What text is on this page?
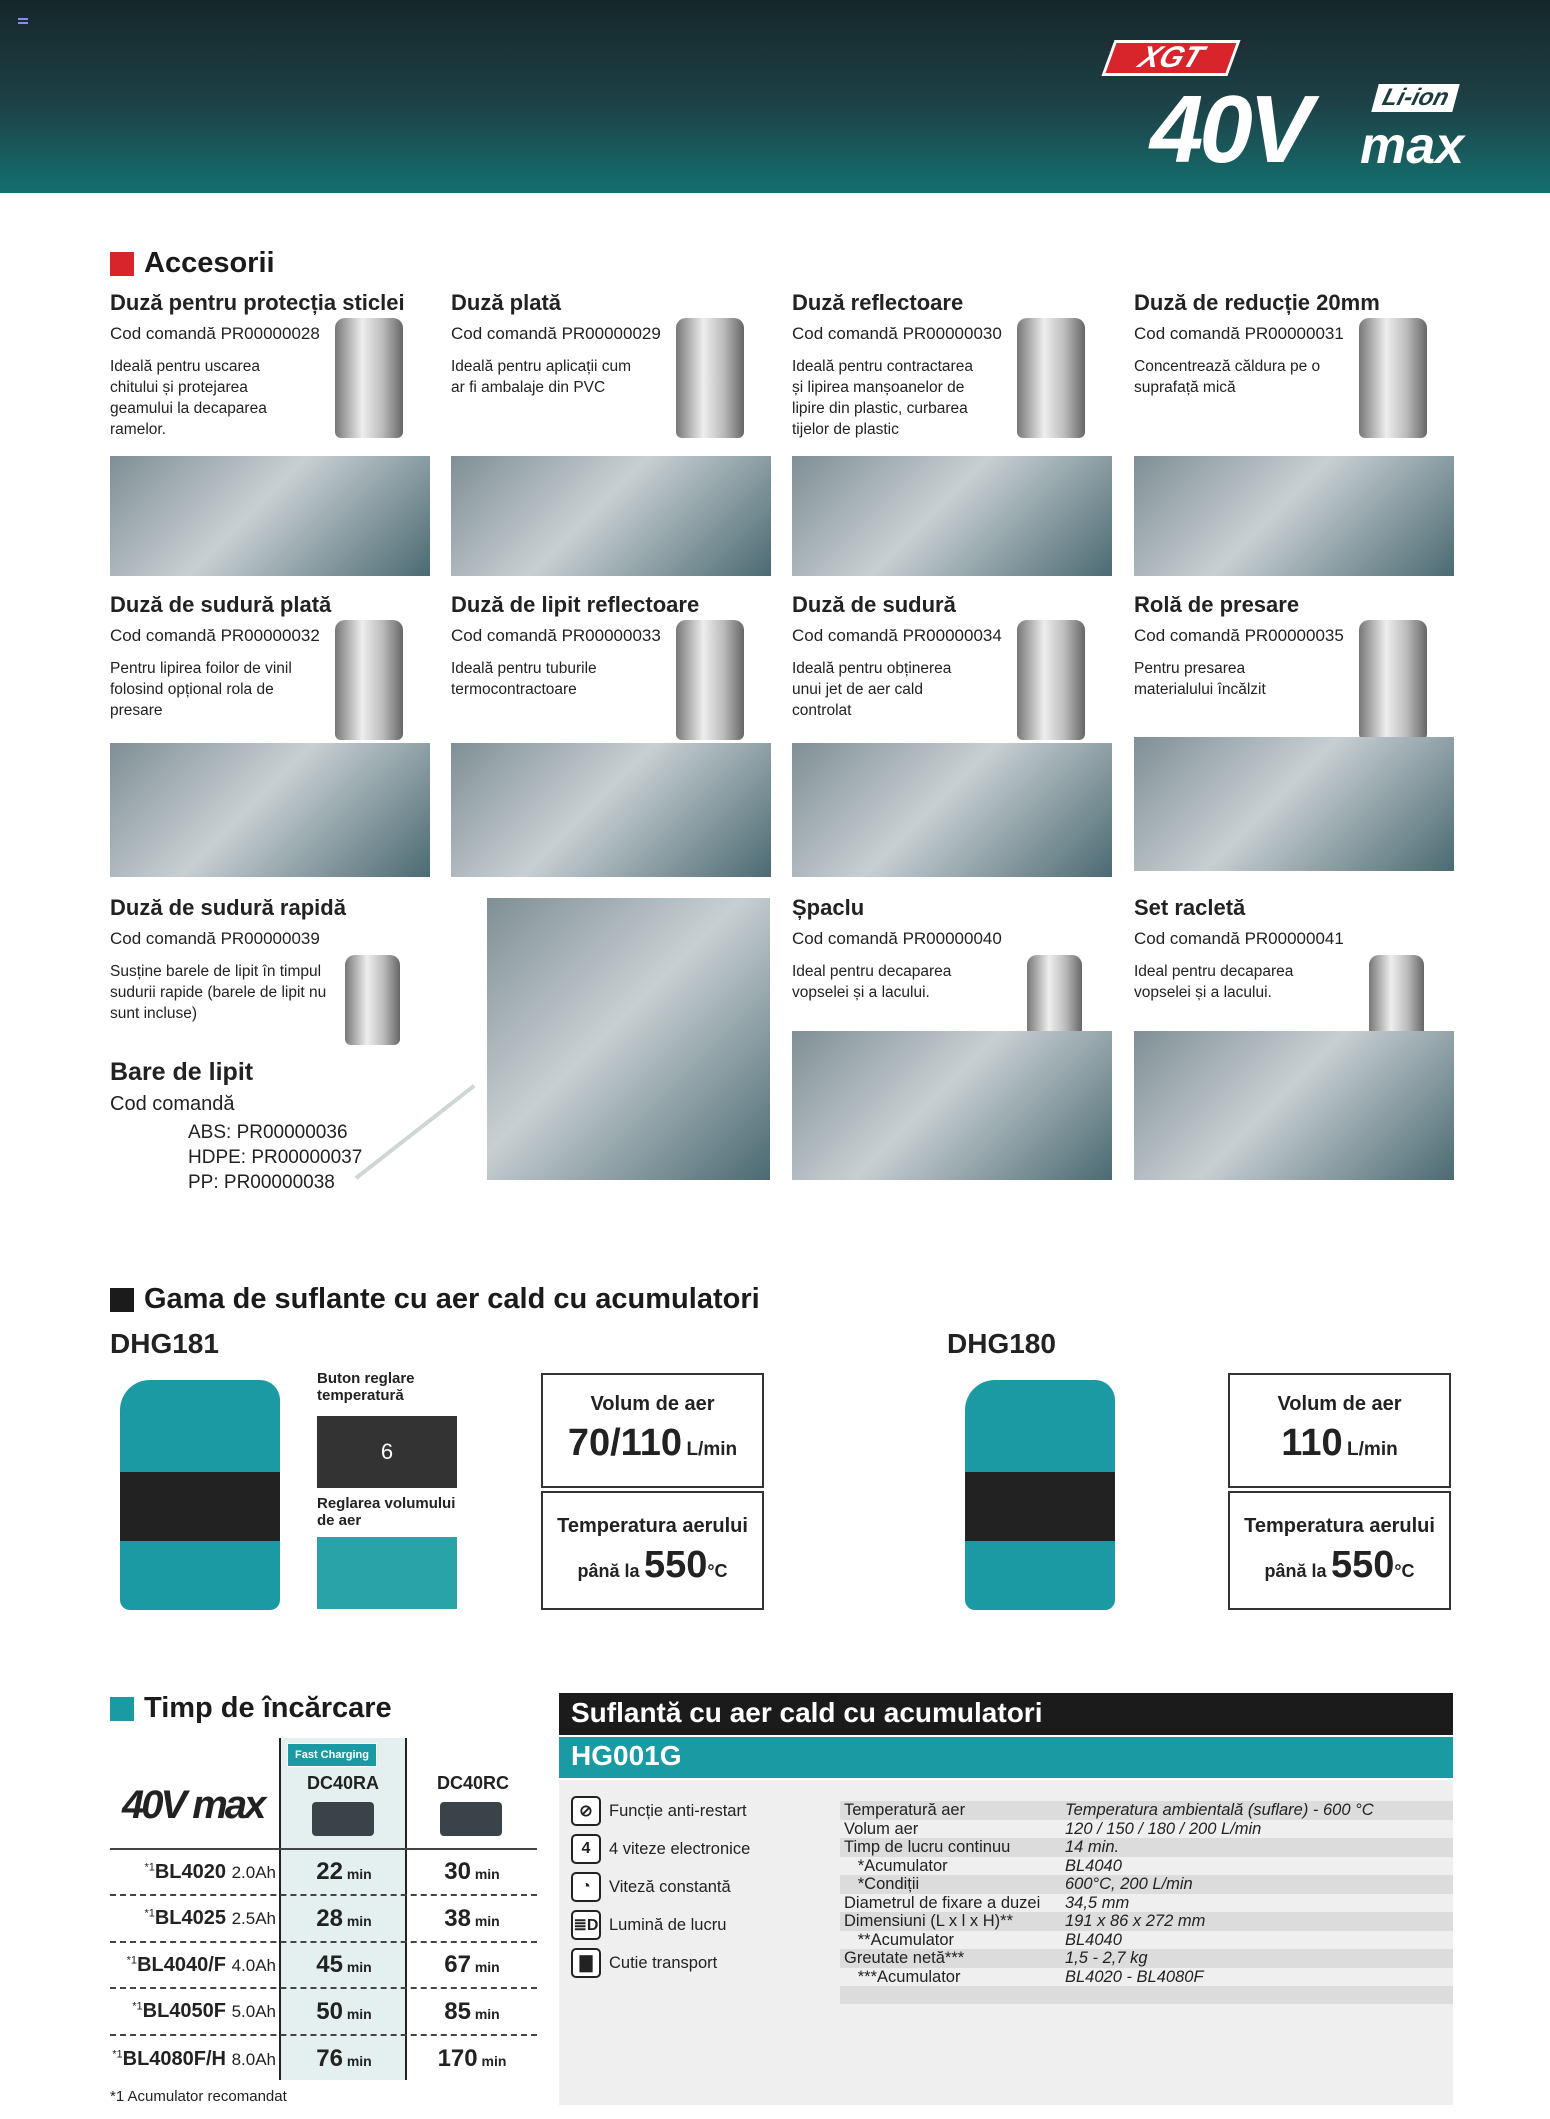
XGT
40V	Li-ion
max
Accesorii
Duză pentru protecția sticlei
Cod comandă PR00000028
Ideală pentru uscarea chitului și protejarea geamului la decaparea ramelor.
Duză plată
Cod comandă PR00000029
Ideală pentru aplicații cum ar fi ambalaje din PVC
Duză reflectoare
Cod comandă PR00000030
Ideală pentru contractarea și lipirea manșoanelor de lipire din plastic, curbarea tijelor de plastic
Duză de reducție 20mm
Cod comandă PR00000031
Concentrează căldura pe o suprafață mică
Duză de sudură plată
Cod comandă PR00000032
Pentru lipirea foilor de vinil folosind opțional rola de presare
Duză de lipit reflectoare
Cod comandă PR00000033
Ideală pentru tuburile termocontractoare
Duză de sudură
Cod comandă PR00000034
Ideală pentru obținerea unui jet de aer cald controlat
Rolă de presare
Cod comandă PR00000035
Pentru presarea materialului încălzit
Duză de sudură rapidă
Cod comandă PR00000039
Susține barele de lipit în timpul sudurii rapide (barele de lipit nu sunt incluse)
Șpaclu
Cod comandă PR00000040
Ideal pentru decaparea vopselei și a lacului.
Set racletă
Cod comandă PR00000041
Ideal pentru decaparea vopselei și a lacului.
Bare de lipit
Cod comandă
ABS: PR00000036
HDPE: PR00000037
PP: PR00000038
Gama de suflante cu aer cald cu acumulatori
DHG181	DHG180
Buton reglare temperatură
6
Reglarea volumului de aer
Volum de aer
70/110 L/min
Temperatura aerului
până la 550°C
Volum de aer
110 L/min
Temperatura aerului
până la 550°C
Timp de încărcare
40V max
Fast Charging
DC40RA	DC40RC
$^{*1}$BL4020 2.0Ah	22 min	30 min
$^{*1}$BL4025 2.5Ah	28 min	38 min
$^{*1}$BL4040/F 4.0Ah	45 min	67 min
$^{*1}$BL4050F 5.0Ah	50 min	85 min
$^{*1}$BL4080F/H 8.0Ah	76 min	170 min
*1 Acumulator recomandat
Suflantă cu aer cald cu acumulatori
HG001G
⊘ Funcție anti-restart
4	4 viteze electronice
◔	Viteză constantă
≣D Lumină de lucru
▇	Cutie transport
Temperatură aer	Temperatura ambientală (suflare) - 600 °C
Volum aer	120 / 150 / 180 / 200 L/min
Timp de lucru continuu	14 min.
*Acumulator	BL4040
*Condiții	600°C, 200 L/min
Diametrul de fixare a duzei	34,5 mm
Dimensiuni (L x l x H)**	191 x 86 x 272 mm
**Acumulator	BL4040
Greutate netă***	1,5 - 2,7 kg
***Acumulator	BL4020 - BL4080F
